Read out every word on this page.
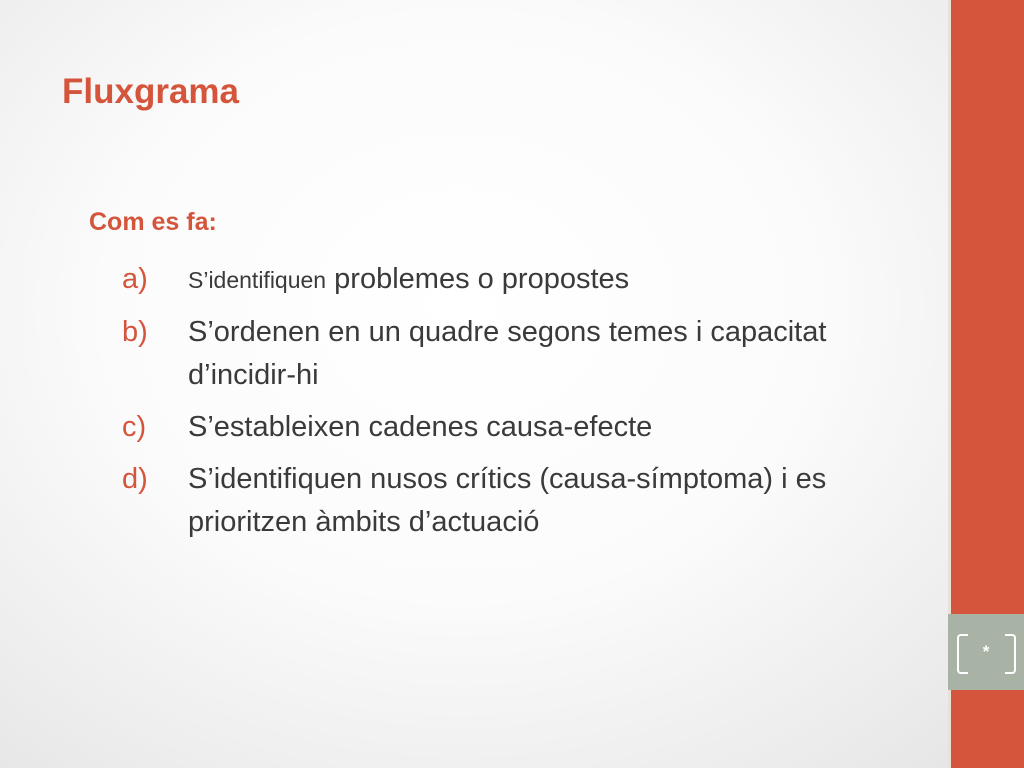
Fluxgrama
Com es fa:
a) S’identifiquen problemes o propostes
b) S’ordenen en un quadre segons temes i capacitat d’incidir-hi
c) S’estableixen cadenes causa-efecte
d) S’identifiquen nusos crítics (causa-símptoma) i es prioritzen àmbits d’actuació
*
